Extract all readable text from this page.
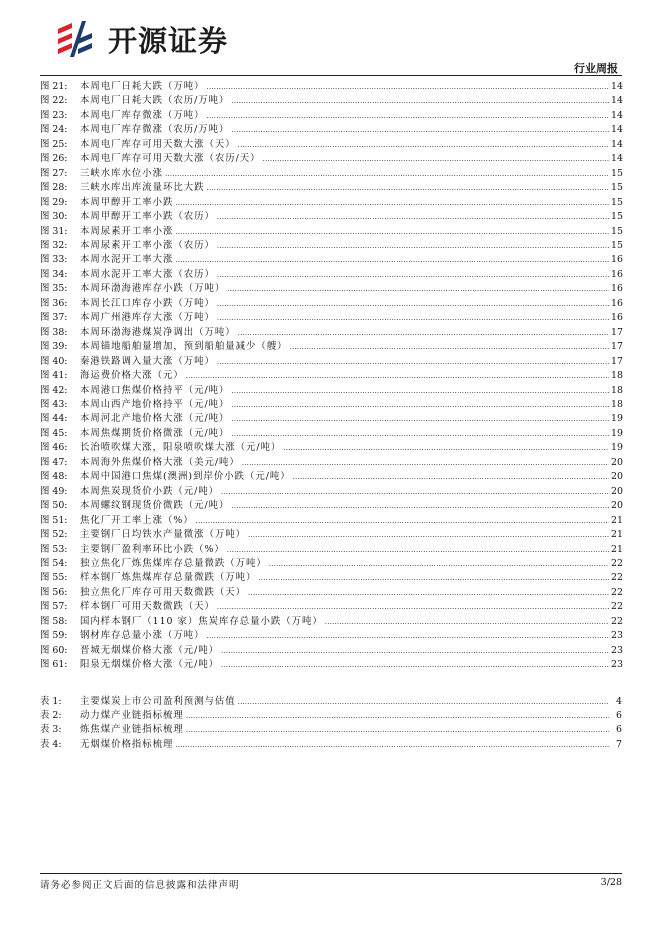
开源证券
行业周报
图 21:	本周电厂日耗大跌（万吨） .....	14
图 22:	本周电厂日耗大跌（农历/万吨） .....	14
图 23:	本周电厂库存微涨（万吨） .....	14
图 24:	本周电厂库存微涨（农历/万吨） .....	14
图 25:	本周电厂库存可用天数大涨（天） .....	14
图 26:	本周电厂库存可用天数大涨（农历/天） .....	14
图 27:	三峡水库水位小涨 .....	15
图 28:	三峡水库出库流量环比大跌 .....	15
图 29:	本周甲醇开工率小跌 .....	15
图 30:	本周甲醇开工率小跌（农历） .....	15
图 31:	本周尿素开工率小涨 .....	15
图 32:	本周尿素开工率小涨（农历） .....	15
图 33:	本周水泥开工率大涨 .....	16
图 34:	本周水泥开工率大涨（农历） .....	16
图 35:	本周环渤海港库存小跌（万吨） .....	16
图 36:	本周长江口库存小跌（万吨） .....	16
图 37:	本周广州港库存大涨（万吨） .....	16
图 38:	本周环渤海港煤炭净调出（万吨） .....	17
图 39:	本周锚地船舶量增加，预到船舶量减少（艘） .....	17
图 40:	秦港铁路调入量大涨（万吨） .....	17
图 41:	海运费价格大涨（元） .....	18
图 42:	本周港口焦煤价格持平（元/吨） .....	18
图 43:	本周山西产地价格持平（元/吨） .....	18
图 44:	本周河北产地价格大涨（元/吨） .....	19
图 45:	本周焦煤期货价格微涨（元/吨） .....	19
图 46:	长治喷吹煤大涨，阳泉喷吹煤大涨（元/吨） .....	19
图 47:	本周海外焦煤价格大涨（美元/吨） .....	20
图 48:	本周中国港口焦煤(澳洲)到岸价小跌（元/吨） .....	20
图 49:	本周焦炭现货价小跌（元/吨） .....	20
图 50:	本周螺纹钢现货价微跌（元/吨） .....	20
图 51:	焦化厂开工率上涨（%） .....	21
图 52:	主要钢厂日均铁水产量微涨（万吨） .....	21
图 53:	主要钢厂盈利率环比小跌（%） .....	21
图 54:	独立焦化厂炼焦煤库存总量微跌（万吨） .....	22
图 55:	样本钢厂炼焦煤库存总量微跌（万吨） .....	22
图 56:	独立焦化厂库存可用天数微跌（天） .....	22
图 57:	样本钢厂可用天数微跌（天） .....	22
图 58:	国内样本钢厂（110 家）焦炭库存总量小跌（万吨） .....	22
图 59:	钢材库存总量小涨（万吨） .....	23
图 60:	晋城无烟煤价格大涨（元/吨） .....	23
图 61:	阳泉无烟煤价格大涨（元/吨） .....	23
表 1:	主要煤炭上市公司盈利预测与估值 .....	4
表 2:	动力煤产业链指标梳理 .....	6
表 3:	炼焦煤产业链指标梳理 .....	6
表 4:	无烟煤价格指标梳理 .....	7
请务必参阅正文后面的信息披露和法律声明	3/28
